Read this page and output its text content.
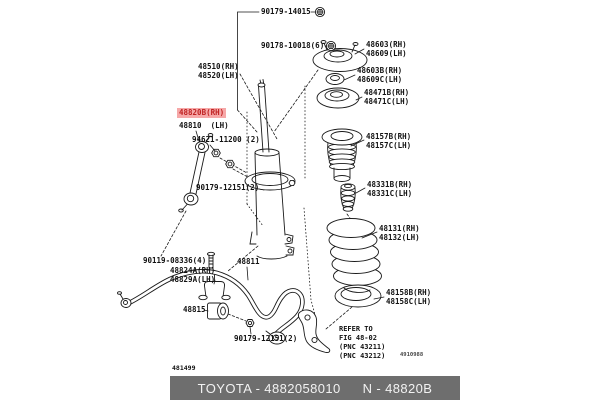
90179-14015
90178-10018(6)	48603(RH)
48609(LH)
48510(RH)
48520(LH)
48603B(RH)
48609C(LH)
48471B(RH)
48471C(LH)
48820B(RH)
48810  (LH)
94621-11200 (2)	48157B(RH)
48157C(LH)
90179-12151(2)	48331B(RH)
48331C(LH)
48131(RH)
48132(LH)
90119-08336(4)	48811
48824A(RH)
48829A(LH)
48815
90179-12151(2)
48158B(RH)
48158C(LH)
REFER TO
FIG 48-02
(PNC 43211)
(PNC 43212)
481499
4910988
TOYOTA - 4882058010 N - 48820B
